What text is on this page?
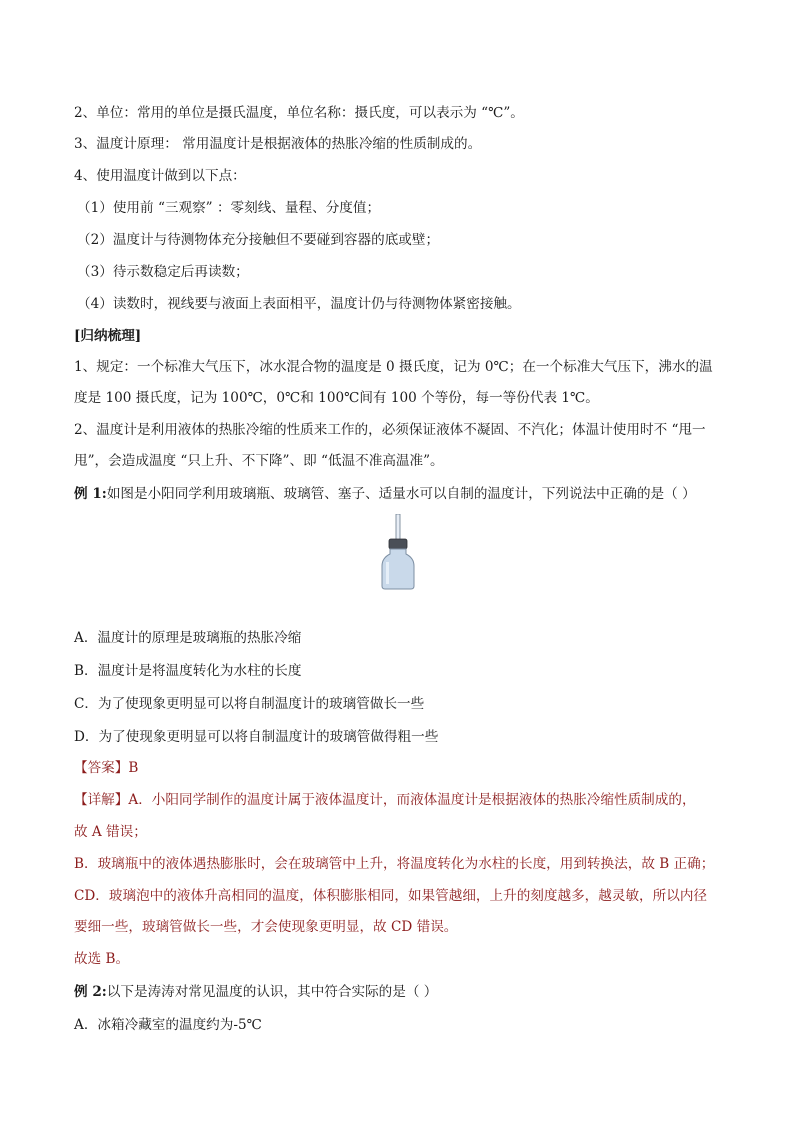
2、单位：常用的单位是摄氏温度，单位名称：摄氏度，可以表示为 “℃”。
3、温度计原理： 常用温度计是根据液体的热胀冷缩的性质制成的。
4、使用温度计做到以下点：
（1）使用前 “三观察” ：零刻线、量程、分度值；
（2）温度计与待测物体充分接触但不要碰到容器的底或壁；
（3）待示数稳定后再读数；
（4）读数时，视线要与液面上表面相平，温度计仍与待测物体紧密接触。
[归纳梳理]
1、规定：一个标准大气压下，冰水混合物的温度是 0 摄氏度，记为 0℃；在一个标准大气压下，沸水的温
度是 100 摄氏度，记为 100℃，0℃和 100℃间有 100 个等份，每一等份代表 1℃。
2、温度计是利用液体的热胀冷缩的性质来工作的，必须保证液体不凝固、不汽化；体温计使用时不 “甩一
甩”，会造成温度 “只上升、不下降”、即 “低温不准高温准”。
例 1:如图是小阳同学利用玻璃瓶、玻璃管、塞子、适量水可以自制的温度计，下列说法中正确的是（ ）
A．温度计的原理是玻璃瓶的热胀冷缩
B．温度计是将温度转化为水柱的长度
C．为了使现象更明显可以将自制温度计的玻璃管做长一些
D．为了使现象更明显可以将自制温度计的玻璃管做得粗一些
【答案】B
【详解】A．小阳同学制作的温度计属于液体温度计，而液体温度计是根据液体的热胀冷缩性质制成的，
故 A 错误；
B．玻璃瓶中的液体遇热膨胀时，会在玻璃管中上升，将温度转化为水柱的长度，用到转换法，故 B 正确；
CD．玻璃泡中的液体升高相同的温度，体积膨胀相同，如果管越细，上升的刻度越多，越灵敏，所以内径
要细一些，玻璃管做长一些，才会使现象更明显，故 CD 错误。
故选 B。
例 2:以下是涛涛对常见温度的认识，其中符合实际的是（ ）
A．冰箱冷藏室的温度约为-5℃
